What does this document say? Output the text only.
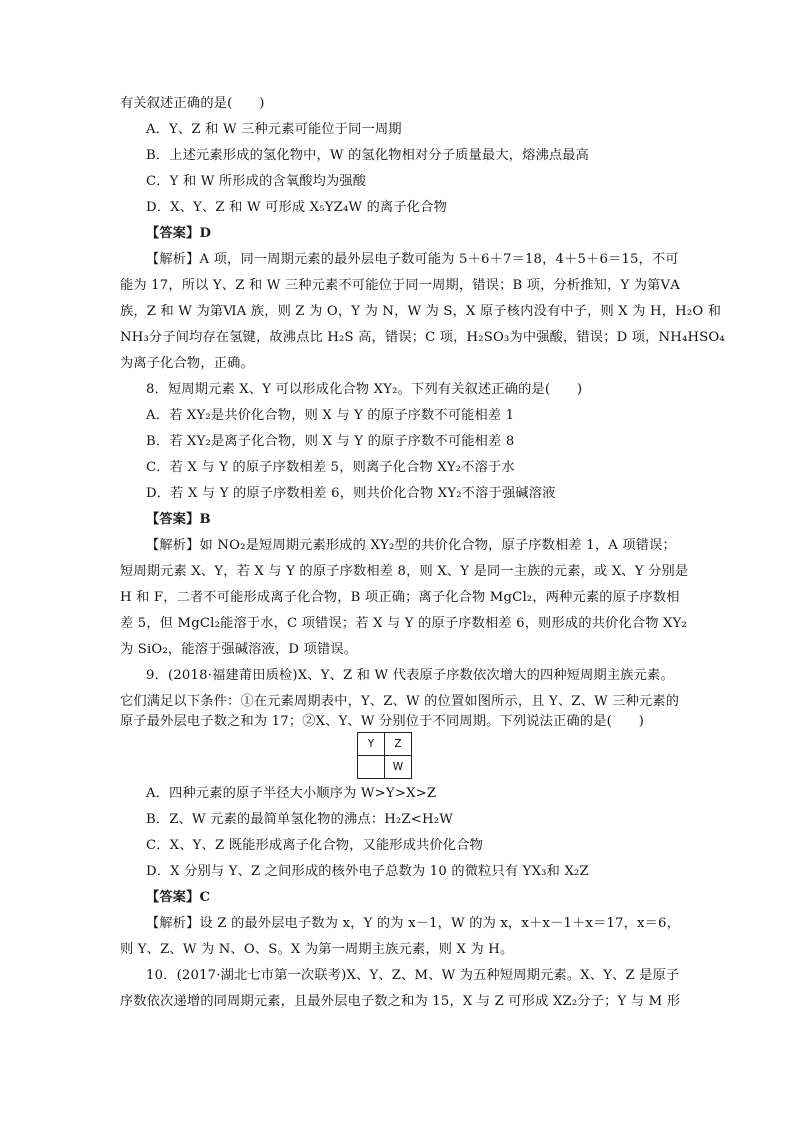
有关叙述正确的是(　　)
A．Y、Z 和 W 三种元素可能位于同一周期
B．上述元素形成的氢化物中，W 的氢化物相对分子质量最大，熔沸点最高
C．Y 和 W 所形成的含氧酸均为强酸
D．X、Y、Z 和 W 可形成 X₅YZ₄W 的离子化合物
【答案】D
【解析】A 项，同一周期元素的最外层电子数可能为 5＋6＋7＝18，4＋5＋6＝15，不可
能为 17，所以 Y、Z 和 W 三种元素不可能位于同一周期，错误；B 项，分析推知，Y 为第ⅤA
族，Z 和 W 为第ⅥA 族，则 Z 为 O，Y 为 N，W 为 S，X 原子核内没有中子，则 X 为 H，H₂O 和
NH₃分子间均存在氢键，故沸点比 H₂S 高，错误；C 项，H₂SO₃为中强酸，错误；D 项，NH₄HSO₄
为离子化合物，正确。
8．短周期元素 X、Y 可以形成化合物 XY₂。下列有关叙述正确的是(　　)
A．若 XY₂是共价化合物，则 X 与 Y 的原子序数不可能相差 1
B．若 XY₂是离子化合物，则 X 与 Y 的原子序数不可能相差 8
C．若 X 与 Y 的原子序数相差 5，则离子化合物 XY₂不溶于水
D．若 X 与 Y 的原子序数相差 6，则共价化合物 XY₂不溶于强碱溶液
【答案】B
【解析】如 NO₂是短周期元素形成的 XY₂型的共价化合物，原子序数相差 1，A 项错误；
短周期元素 X、Y，若 X 与 Y 的原子序数相差 8，则 X、Y 是同一主族的元素，或 X、Y 分别是
H 和 F，二者不可能形成离子化合物，B 项正确；离子化合物 MgCl₂，两种元素的原子序数相
差 5，但 MgCl₂能溶于水，C 项错误；若 X 与 Y 的原子序数相差 6，则形成的共价化合物 XY₂
为 SiO₂，能溶于强碱溶液，D 项错误。
9．(2018·福建莆田质检)X、Y、Z 和 W 代表原子序数依次增大的四种短周期主族元素。
它们满足以下条件：①在元素周期表中，Y、Z、W 的位置如图所示，且 Y、Z、W 三种元素的
原子最外层电子数之和为 17；②X、Y、W 分别位于不同周期。下列说法正确的是(　　)
Y	Z
	W
A．四种元素的原子半径大小顺序为 W>Y>X>Z
B．Z、W 元素的最简单氢化物的沸点：H₂Z<H₂W
C．X、Y、Z 既能形成离子化合物，又能形成共价化合物
D．X 分别与 Y、Z 之间形成的核外电子总数为 10 的微粒只有 YX₃和 X₂Z
【答案】C
【解析】设 Z 的最外层电子数为 x，Y 的为 x－1，W 的为 x，x＋x－1＋x＝17，x＝6，
则 Y、Z、W 为 N、O、S。X 为第一周期主族元素，则 X 为 H。
10．(2017·湖北七市第一次联考)X、Y、Z、M、W 为五种短周期元素。X、Y、Z 是原子
序数依次递增的同周期元素，且最外层电子数之和为 15，X 与 Z 可形成 XZ₂分子；Y 与 M 形
